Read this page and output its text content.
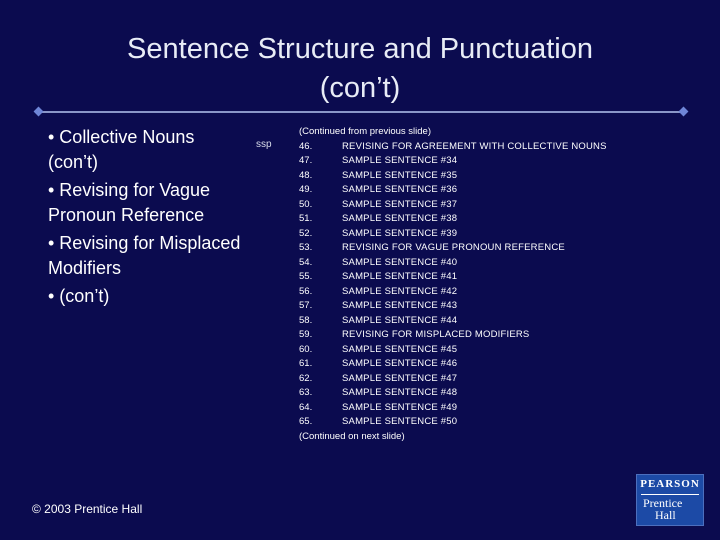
Sentence Structure and Punctuation
(con’t)
• Collective Nouns (con’t)
• Revising for Vague Pronoun Reference
• Revising for Misplaced Modifiers
• (con’t)
ssp
(Continued from previous slide)
46.	REVISING FOR AGREEMENT WITH COLLECTIVE NOUNS
47.	SAMPLE SENTENCE #34
48.	SAMPLE SENTENCE #35
49.	SAMPLE SENTENCE #36
50.	SAMPLE SENTENCE #37
51.	SAMPLE SENTENCE #38
52.	SAMPLE SENTENCE #39
53.	REVISING FOR VAGUE PRONOUN REFERENCE
54.	SAMPLE SENTENCE #40
55.	SAMPLE SENTENCE #41
56.	SAMPLE SENTENCE #42
57.	SAMPLE SENTENCE #43
58.	SAMPLE SENTENCE #44
59.	REVISING FOR MISPLACED MODIFIERS
60.	SAMPLE SENTENCE #45
61.	SAMPLE SENTENCE #46
62.	SAMPLE SENTENCE #47
63.	SAMPLE SENTENCE #48
64.	SAMPLE SENTENCE #49
65.	SAMPLE SENTENCE #50
(Continued on next slide)
© 2003 Prentice Hall
PEARSON
Prentice
Hall
